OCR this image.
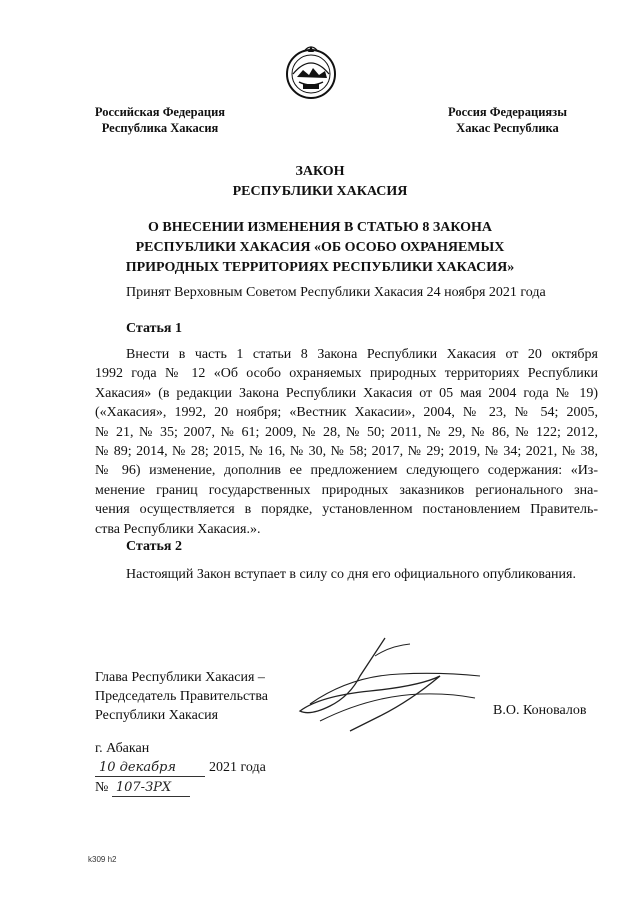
Российская Федерация
Республика Хакасия
Россия Федерациязы
Хакас Республика
ЗАКОН
РЕСПУБЛИКИ ХАКАСИЯ
О ВНЕСЕНИИ ИЗМЕНЕНИЯ В СТАТЬЮ 8 ЗАКОНА
РЕСПУБЛИКИ ХАКАСИЯ «ОБ ОСОБО ОХРАНЯЕМЫХ
ПРИРОДНЫХ ТЕРРИТОРИЯХ РЕСПУБЛИКИ ХАКАСИЯ»
Принят Верховным Советом Республики Хакасия 24 ноября 2021 года
Статья 1
Внести в часть 1 статьи 8 Закона Республики Хакасия от 20 октября
1992 года № 12 «Об особо охраняемых природных территориях Республики
Хакасия» (в редакции Закона Республики Хакасия от 05 мая 2004 года № 19)
(«Хакасия», 1992, 20 ноября; «Вестник Хакасии», 2004, № 23, № 54; 2005,
№ 21, № 35; 2007, № 61; 2009, № 28, № 50; 2011, № 29, № 86, № 122; 2012,
№ 89; 2014, № 28; 2015, № 16, № 30, № 58; 2017, № 29; 2019, № 34; 2021, № 38,
№ 96) изменение, дополнив ее предложением следующего содержания: «Из-
менение границ государственных природных заказников регионального зна-
чения осуществляется в порядке, установленном постановлением Правитель-
ства Республики Хакасия.».
Статья 2
Настоящий Закон вступает в силу со дня его официального опубликования.
Глава Республики Хакасия –
Председатель Правительства
Республики Хакасия	В.О. Коновалов
г. Абакан
10 декабря 2021 года
№ 107-ЗРХ
k309 h2
